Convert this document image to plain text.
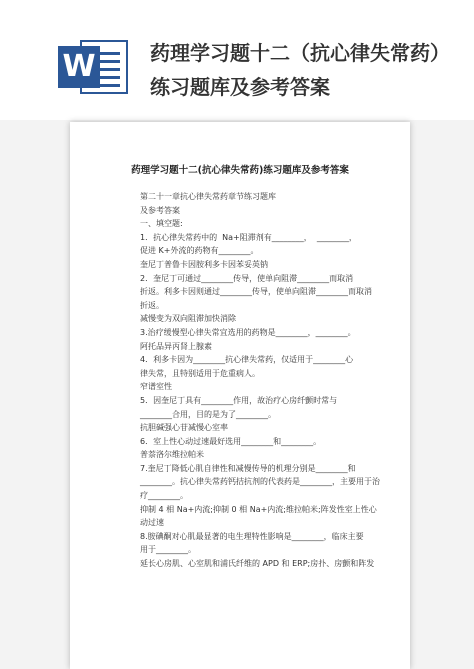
W	药理学习题十二（抗心律失常药）练习题库及参考答案
药理学习题十二(抗心律失常药)练习题库及参考答案

第二十一章抗心律失常药章节练习题库

及参考答案

一、填空题:

1．抗心律失常药中的  Na+阻滞剂有________，  ________，

促进 K+外流的药物有________。

奎尼丁普鲁卡因胺利多卡因苯妥英钠

2．奎尼丁可通过________传导，使单向阻滞________而取消

折返。利多卡因则通过________传导，使单向阻滞________而取消

折返。

减慢变为双向阻滞加快消除

3.治疗缓慢型心律失常宜选用的药物是________，________。

阿托品异丙肾上腺素

4．利多卡因为________抗心律失常药，仅适用于________心

律失常，且特别适用于危重病人。

窄谱室性

5．因奎尼丁具有________作用，故治疗心房纤颤时常与

________合用，目的是为了________。

抗胆碱强心苷减慢心室率

6．室上性心动过速最好选用________和________。

普萘洛尔维拉帕米

7.奎尼丁降低心肌自律性和减慢传导的机理分别是________和

________。抗心律失常药钙拮抗剂的代表药是________，主要用于治

疗________。

抑制 4 相 Na+内流;抑制 0 相 Na+内流;维拉帕米;阵发性室上性心

动过速

8.胺碘酮对心肌最显著的电生理特性影响是________，临床主要

用于________。

延长心房肌、心室肌和浦氏纤维的 APD 和 ERP;房扑、房颤和阵发
